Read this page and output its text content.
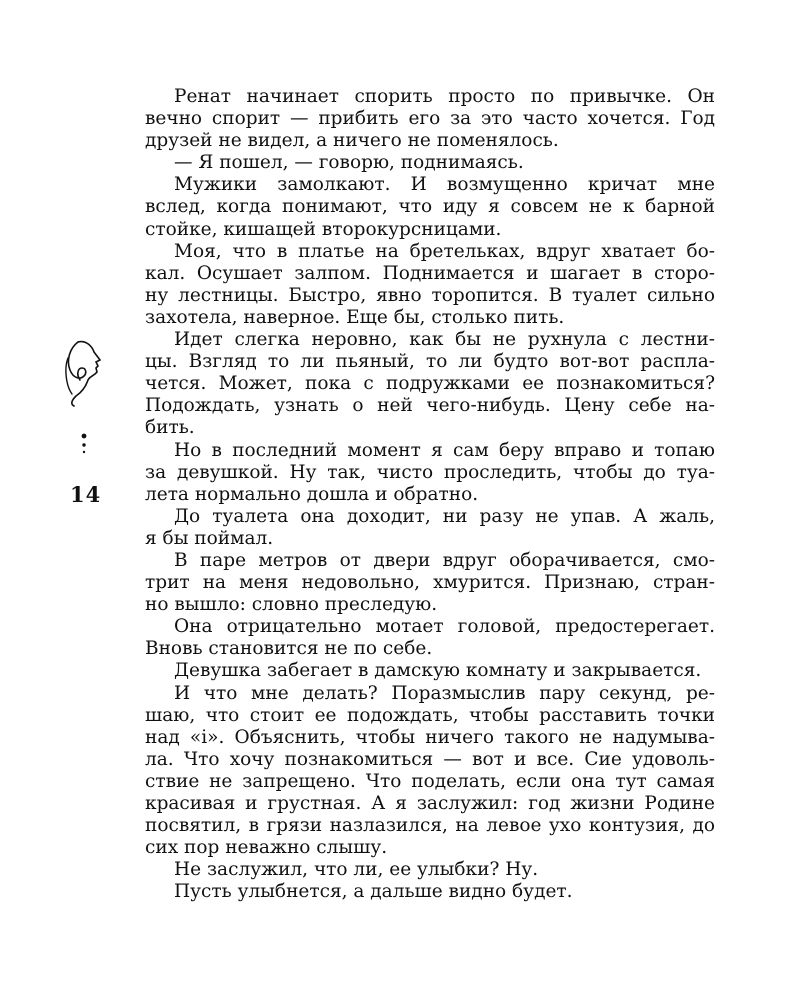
14
Ренат начинает спорить просто по привычке. Он
вечно спорит — прибить его за это часто хочется. Год
друзей не видел, а ничего не поменялось.
— Я пошел, — говорю, поднимаясь.
Мужики замолкают. И возмущенно кричат мне
вслед, когда понимают, что иду я совсем не к барной
стойке, кишащей второкурсницами.
Моя, что в платье на бретельках, вдруг хватает бо-
кал. Осушает залпом. Поднимается и шагает в сторо-
ну лестницы. Быстро, явно торопится. В туалет сильно
захотела, наверное. Еще бы, столько пить.
Идет слегка неровно, как бы не рухнула с лестни-
цы. Взгляд то ли пьяный, то ли будто вот-вот распла-
чется. Может, пока с подружками ее познакомиться?
Подождать, узнать о ней чего-нибудь. Цену себе на-
бить.
Но в последний момент я сам беру вправо и топаю
за девушкой. Ну так, чисто проследить, чтобы до туа-
лета нормально дошла и обратно.
До туалета она доходит, ни разу не упав. А жаль,
я бы поймал.
В паре метров от двери вдруг оборачивается, смо-
трит на меня недовольно, хмурится. Признаю, стран-
но вышло: словно преследую.
Она отрицательно мотает головой, предостерегает.
Вновь становится не по себе.
Девушка забегает в дамскую комнату и закрывается.
И что мне делать? Поразмыслив пару секунд, ре-
шаю, что стоит ее подождать, чтобы расставить точки
над «i». Объяснить, чтобы ничего такого не надумыва-
ла. Что хочу познакомиться — вот и все. Сие удоволь-
ствие не запрещено. Что поделать, если она тут самая
красивая и грустная. А я заслужил: год жизни Родине
посвятил, в грязи назлазился, на левое ухо контузия, до
сих пор неважно слышу.
Не заслужил, что ли, ее улыбки? Ну.
Пусть улыбнется, а дальше видно будет.
